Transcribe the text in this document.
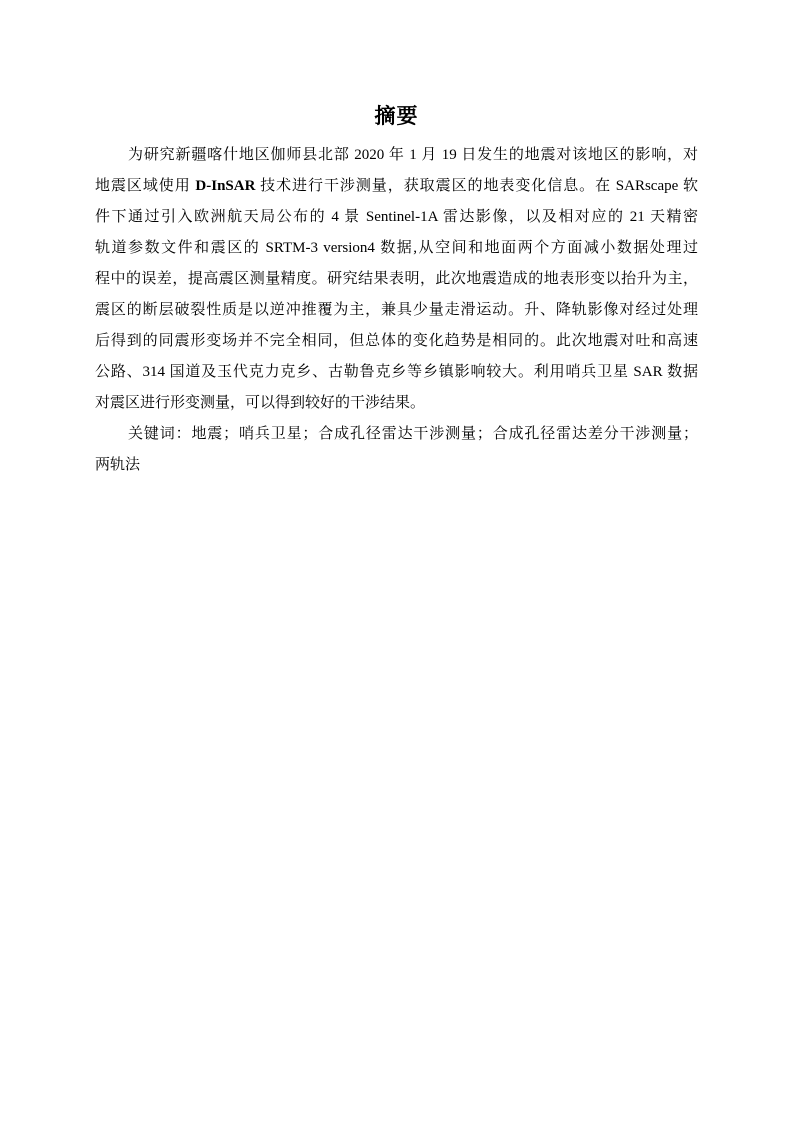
摘要
为研究新疆喀什地区伽师县北部 2020 年 1 月 19 日发生的地震对该地区的影响，对
地震区域使用 D-InSAR 技术进行干涉测量，获取震区的地表变化信息。在 SARscape 软
件下通过引入欧洲航天局公布的 4 景 Sentinel-1A 雷达影像，以及相对应的 21 天精密
轨道参数文件和震区的 SRTM-3 version4 数据,从空间和地面两个方面减小数据处理过
程中的误差，提高震区测量精度。研究结果表明，此次地震造成的地表形变以抬升为主，
震区的断层破裂性质是以逆冲推覆为主，兼具少量走滑运动。升、降轨影像对经过处理
后得到的同震形变场并不完全相同，但总体的变化趋势是相同的。此次地震对吐和高速
公路、314 国道及玉代克力克乡、古勒鲁克乡等乡镇影响较大。利用哨兵卫星 SAR 数据
对震区进行形变测量，可以得到较好的干涉结果。
关键词：地震；哨兵卫星；合成孔径雷达干涉测量；合成孔径雷达差分干涉测量；
两轨法
